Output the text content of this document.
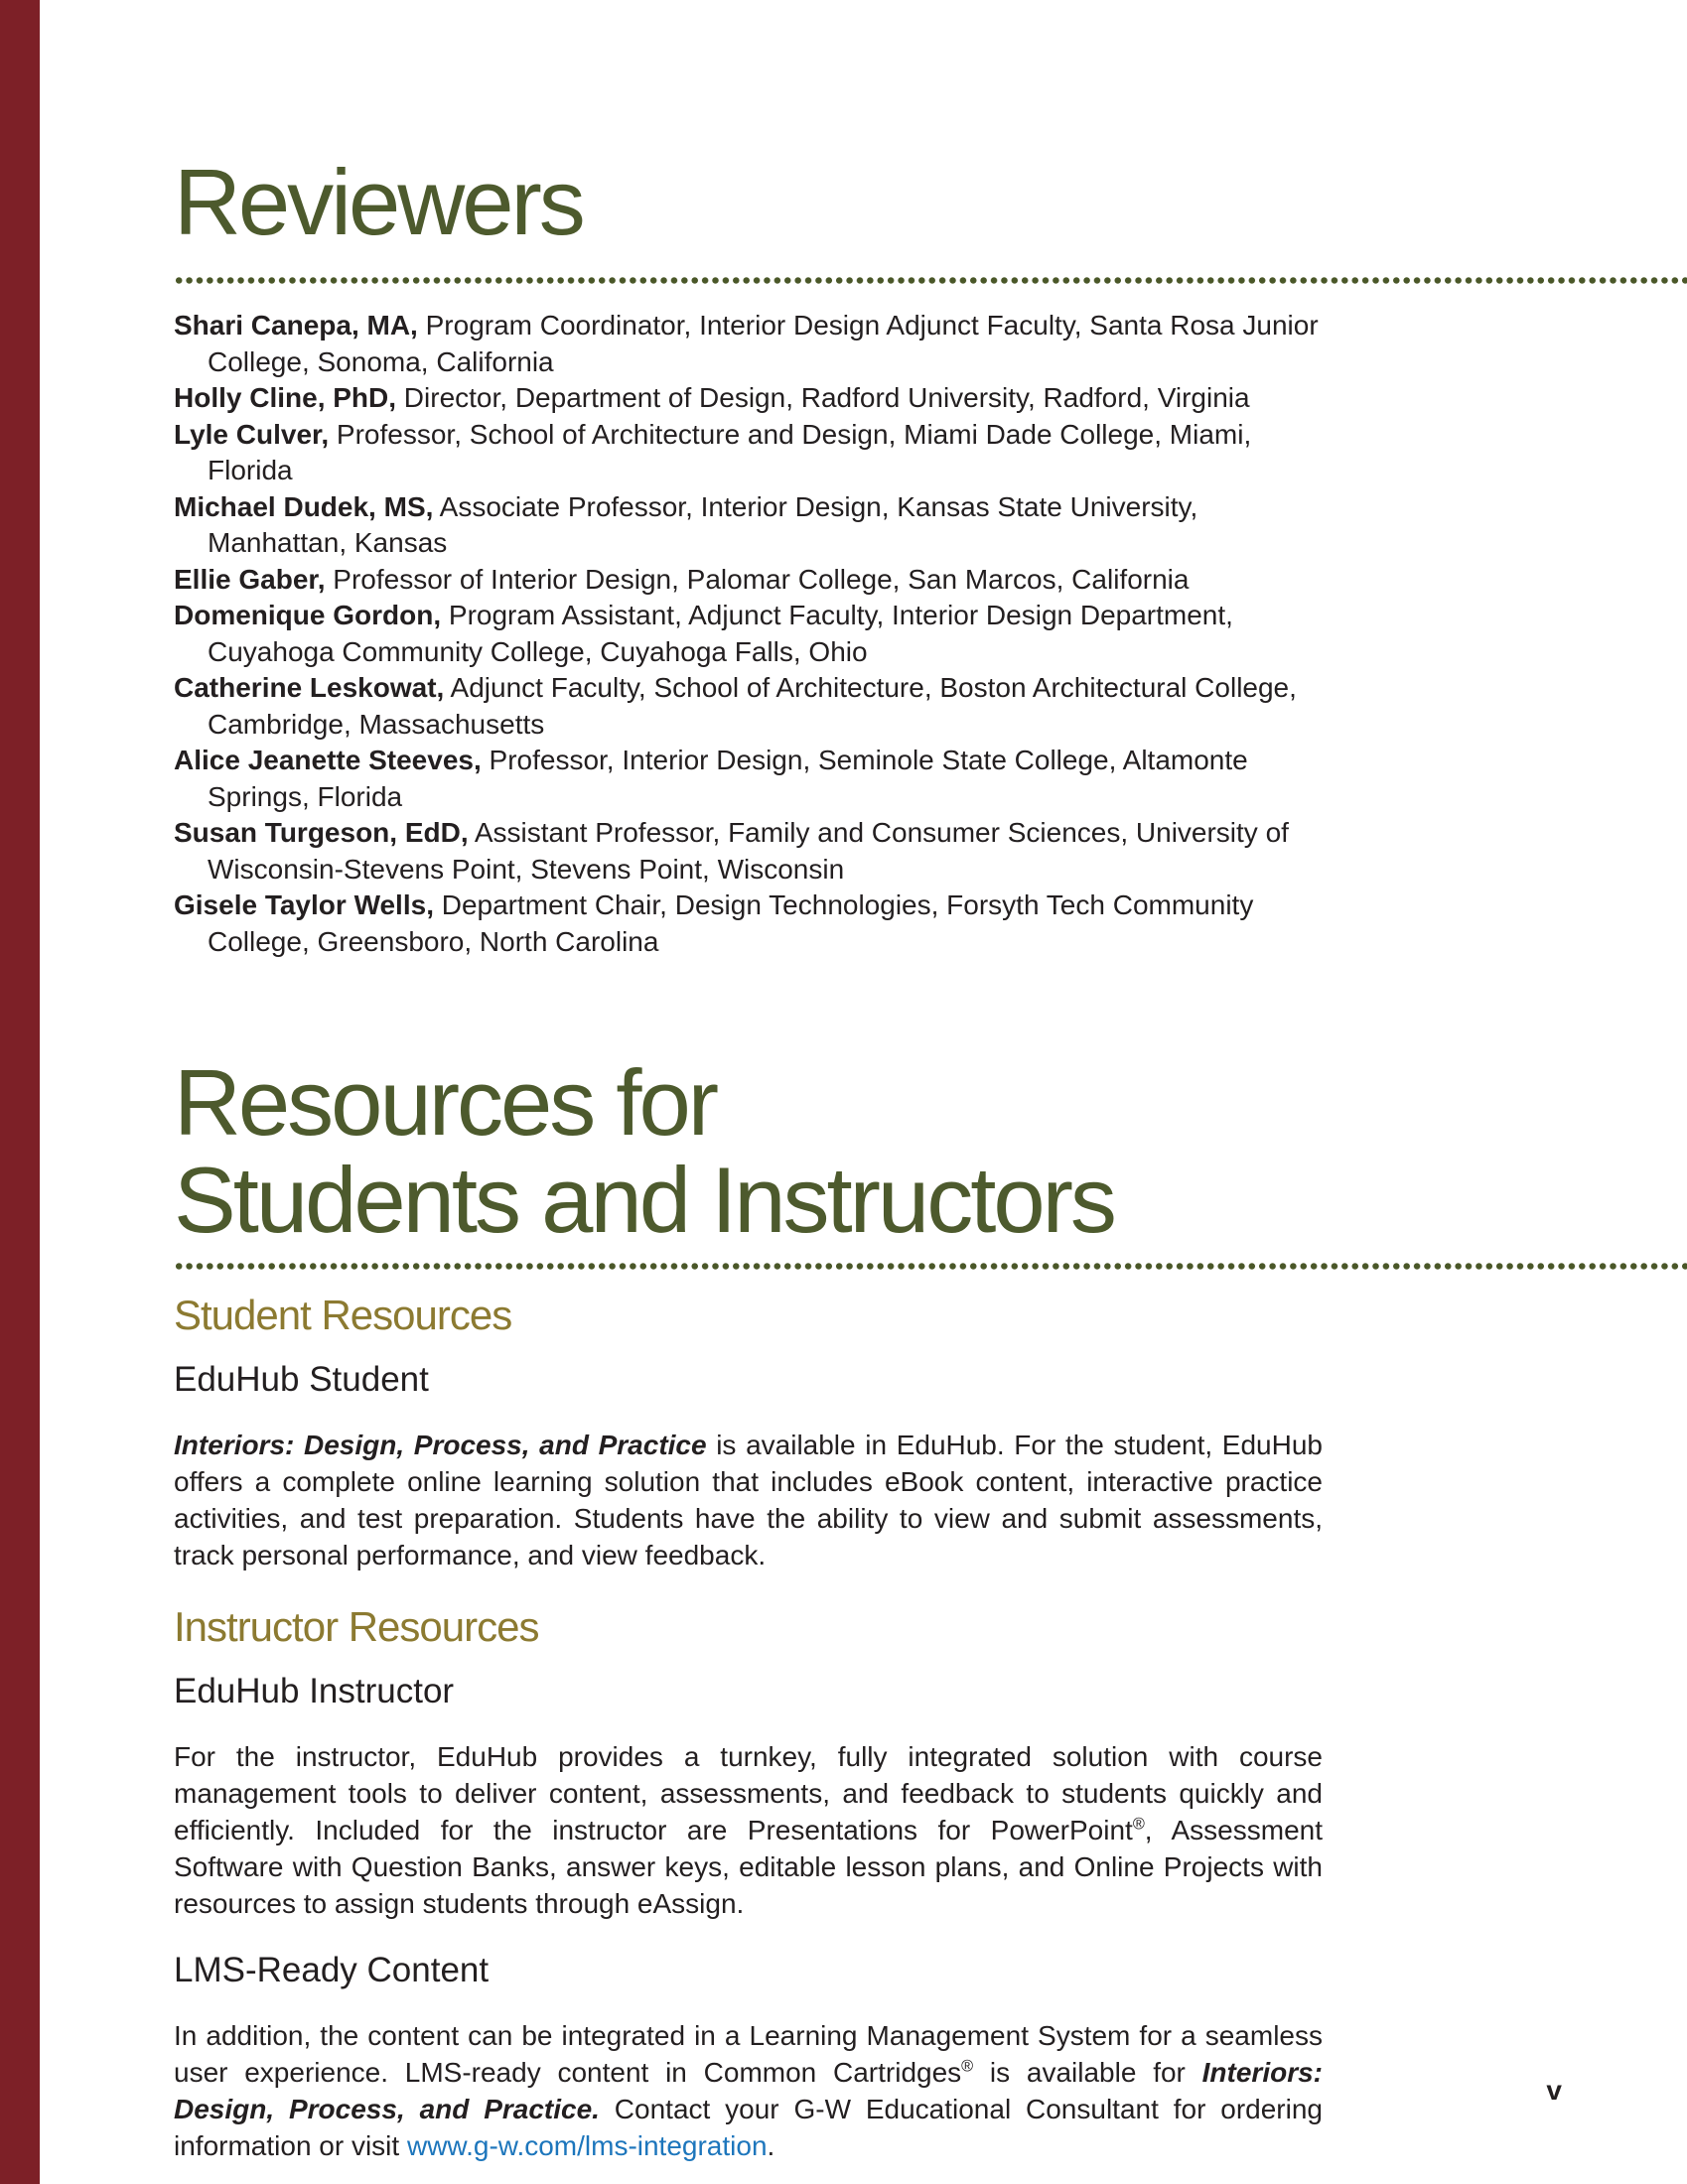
Reviewers
Shari Canepa, MA, Program Coordinator, Interior Design Adjunct Faculty, Santa Rosa Junior College, Sonoma, California
Holly Cline, PhD, Director, Department of Design, Radford University, Radford, Virginia
Lyle Culver, Professor, School of Architecture and Design, Miami Dade College, Miami, Florida
Michael Dudek, MS, Associate Professor, Interior Design, Kansas State University, Manhattan, Kansas
Ellie Gaber, Professor of Interior Design, Palomar College, San Marcos, California
Domenique Gordon, Program Assistant, Adjunct Faculty, Interior Design Department, Cuyahoga Community College, Cuyahoga Falls, Ohio
Catherine Leskowat, Adjunct Faculty, School of Architecture, Boston Architectural College, Cambridge, Massachusetts
Alice Jeanette Steeves, Professor, Interior Design, Seminole State College, Altamonte Springs, Florida
Susan Turgeson, EdD, Assistant Professor, Family and Consumer Sciences, University of Wisconsin-Stevens Point, Stevens Point, Wisconsin
Gisele Taylor Wells, Department Chair, Design Technologies, Forsyth Tech Community College, Greensboro, North Carolina
Resources for
Students and Instructors
Student Resources
EduHub Student

Interiors: Design, Process, and Practice is available in EduHub. For the student, EduHub offers a complete online learning solution that includes eBook content, interactive practice activities, and test preparation. Students have the ability to view and submit assessments, track personal performance, and view feedback.

Instructor Resources
EduHub Instructor

For the instructor, EduHub provides a turnkey, fully integrated solution with course management tools to deliver content, assessments, and feedback to students quickly and efficiently. Included for the instructor are Presentations for PowerPoint®, Assessment Software with Question Banks, answer keys, editable lesson plans, and Online Projects with resources to assign students through eAssign.

LMS-Ready Content

In addition, the content can be integrated in a Learning Management System for a seamless user experience. LMS-ready content in Common Cartridges® is available for Interiors: Design, Process, and Practice. Contact your G-W Educational Consultant for ordering information or visit www.g-w.com/lms-integration.

v
